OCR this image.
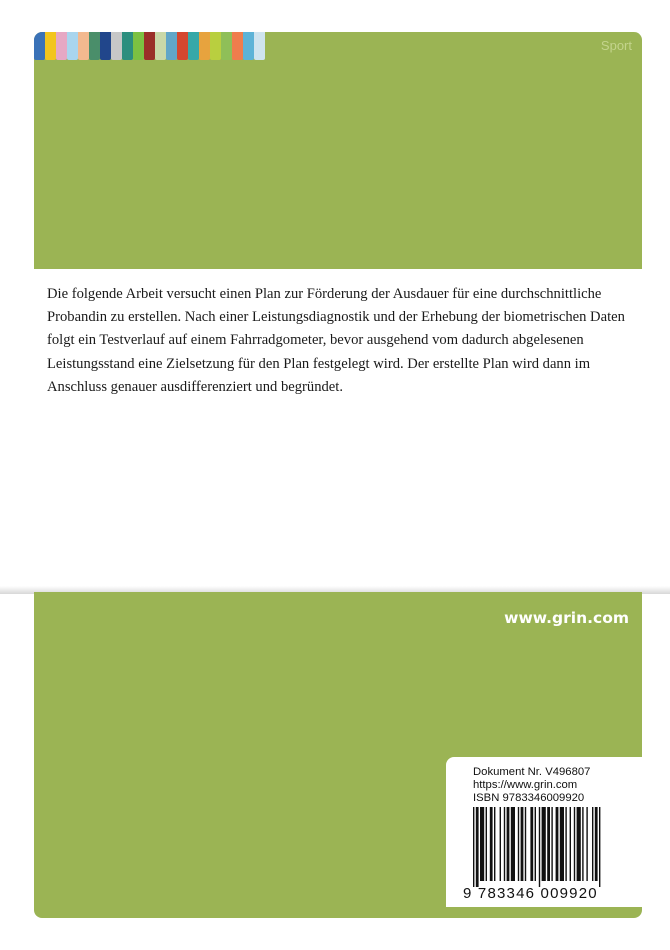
Sport
Die folgende Arbeit versucht einen Plan zur Förderung der Ausdauer für eine durchschnittliche Probandin zu erstellen. Nach einer Leistungsdiagnostik und der Erhebung der biometrischen Daten folgt ein Testverlauf auf einem Fahrradgometer, bevor ausgehend vom dadurch abgelesenen Leistungsstand eine Zielsetzung für den Plan festgelegt wird. Der erstellte Plan wird dann im Anschluss genauer ausdifferenziert und begründet.
www.grin.com
Dokument Nr. V496807
https://www.grin.com
ISBN 9783346009920
9 783346 009920
